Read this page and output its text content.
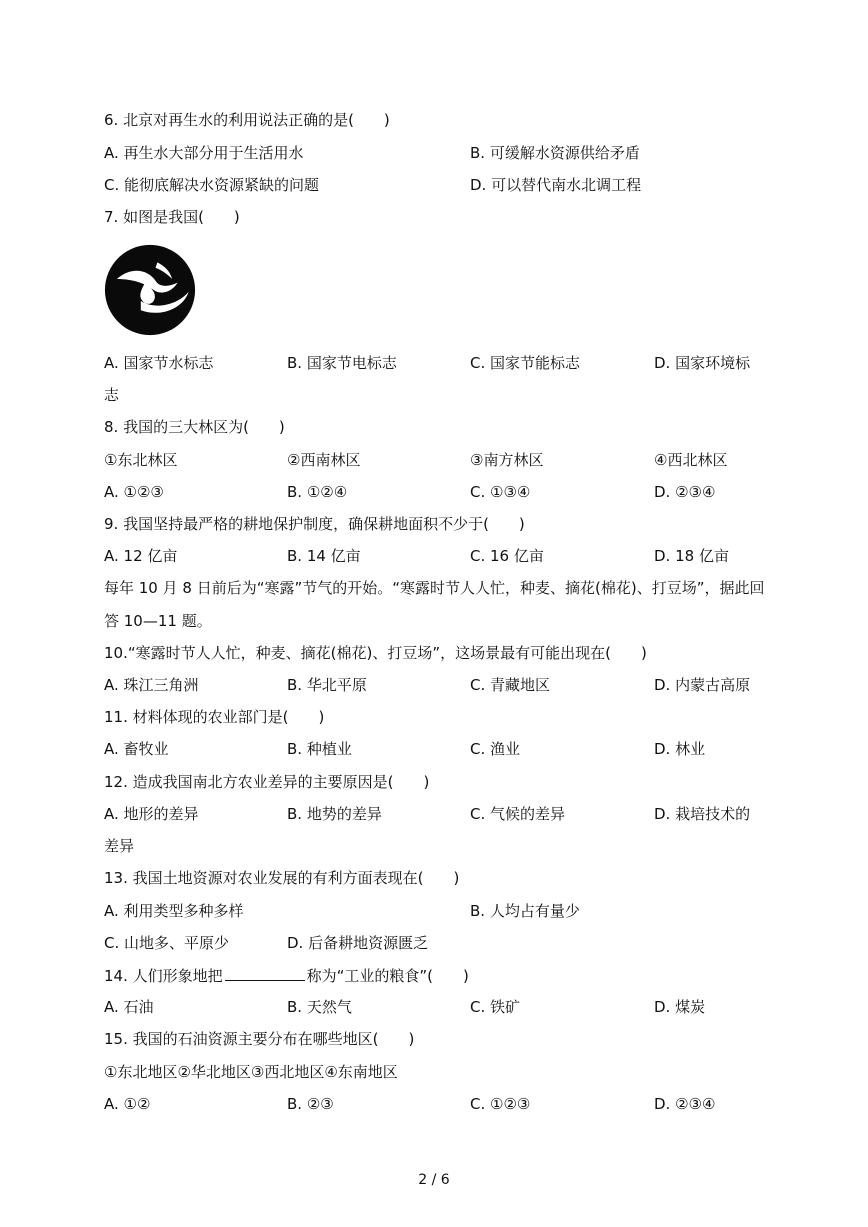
6. 北京对再生水的利用说法正确的是(　　)
A. 再生水大部分用于生活用水	B. 可缓解水资源供给矛盾
C. 能彻底解决水资源紧缺的问题	D. 可以替代南水北调工程
7. 如图是我国(　　)
A. 国家节水标志	B. 国家节电标志	C. 国家节能标志	D. 国家环境标
志
8. 我国的三大林区为(　　)
①东北林区	②西南林区	③南方林区	④西北林区
A. ①②③	B. ①②④	C. ①③④	D. ②③④
9. 我国坚持最严格的耕地保护制度，确保耕地面积不少于(　　)
A. 12 亿亩	B. 14 亿亩	C. 16 亿亩	D. 18 亿亩
每年 10 月 8 日前后为“寒露”节气的开始。“寒露时节人人忙，种麦、摘花(棉花)、打豆场”，据此回
答 10—11 题。
10.“寒露时节人人忙，种麦、摘花(棉花)、打豆场”，这场景最有可能出现在(　　)
A. 珠江三角洲	B. 华北平原	C. 青藏地区	D. 内蒙古高原
11. 材料体现的农业部门是(　　)
A. 畜牧业	B. 种植业	C. 渔业	D. 林业
12. 造成我国南北方农业差异的主要原因是(　　)
A. 地形的差异	B. 地势的差异	C. 气候的差异	D. 栽培技术的
差异
13. 我国土地资源对农业发展的有利方面表现在(　　)
A. 利用类型多种多样	B. 人均占有量少
C. 山地多、平原少	D. 后备耕地资源匮乏
14. 人们形象地把	称为“工业的粮食”(　　)
A. 石油	B. 天然气	C. 铁矿	D. 煤炭
15. 我国的石油资源主要分布在哪些地区(　　)
①东北地区②华北地区③西北地区④东南地区
A. ①②	B. ②③	C. ①②③	D. ②③④
2 / 6
